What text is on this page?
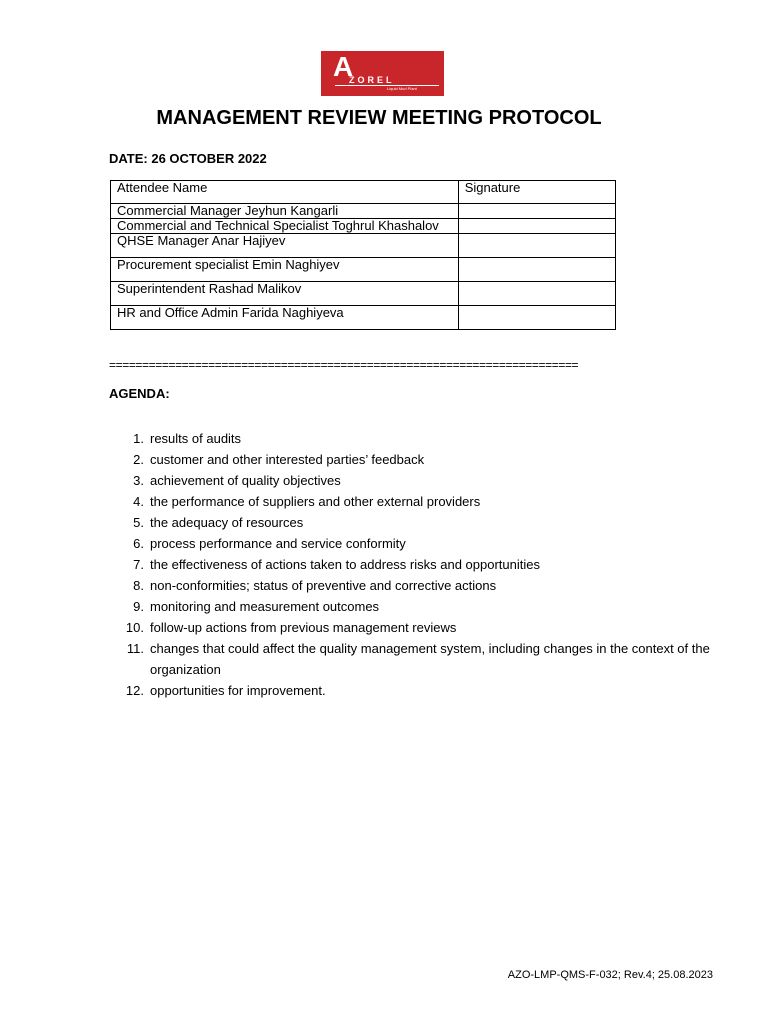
A
ZOREL
Liquid Mud Plant
MANAGEMENT REVIEW MEETING PROTOCOL
DATE: 26 OCTOBER 2022
Attendee Name	Signature
Commercial Manager Jeyhun Kangarli	
Commercial and Technical Specialist Toghrul Khashalov	
QHSE Manager Anar Hajiyev	
Procurement specialist Emin Naghiyev	
Superintendent Rashad Malikov	
HR and Office Admin Farida Naghiyeva	
=======================================================================
AGENDA:
1. results of audits
2. customer and other interested parties’ feedback
3. achievement of quality objectives
4. the performance of suppliers and other external providers
5. the adequacy of resources
6. process performance and service conformity
7. the effectiveness of actions taken to address risks and opportunities
8. non-conformities; status of preventive and corrective actions
9. monitoring and measurement outcomes
10. follow-up actions from previous management reviews
11. changes that could affect the quality management system, including changes in the context of the organization
12. opportunities for improvement.
AZO-LMP-QMS-F-032; Rev.4; 25.08.2023
